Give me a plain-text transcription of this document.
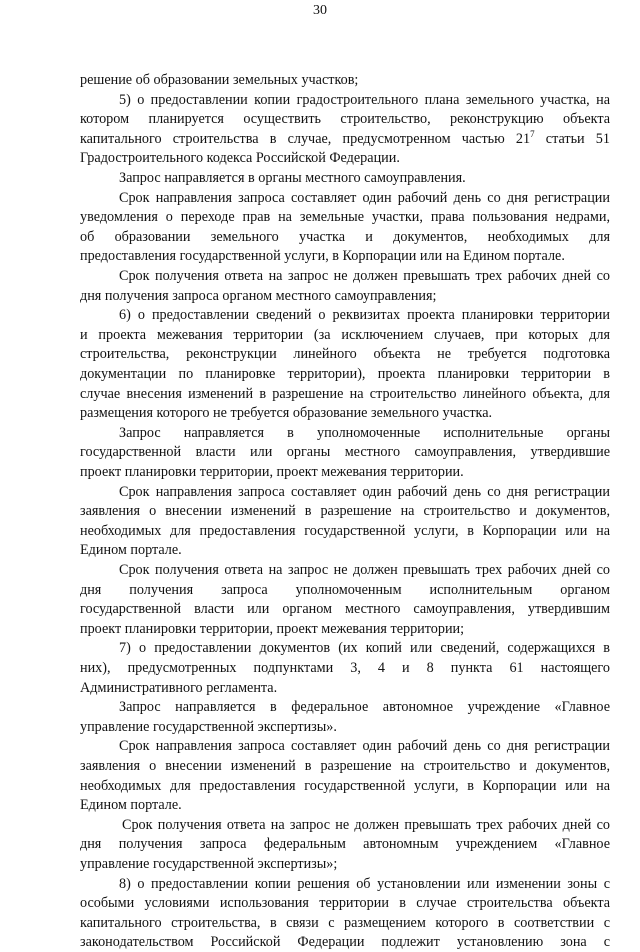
30
решение об образовании земельных участков;
5) о предоставлении копии градостроительного плана земельного участка, на
котором планируется осуществить строительство, реконструкцию объекта
капитального строительства в случае, предусмотренном частью $21^7$ статьи 51
Градостроительного кодекса Российской Федерации.
Запрос направляется в органы местного самоуправления.
Срок направления запроса составляет один рабочий день со дня регистрации
уведомления о переходе прав на земельные участки, права пользования недрами,
об образовании земельного участка и документов, необходимых для
предоставления государственной услуги, в Корпорации или на Едином портале.
Срок получения ответа на запрос не должен превышать трех рабочих дней со
дня получения запроса органом местного самоуправления;
6) о предоставлении сведений о реквизитах проекта планировки территории
и проекта межевания территории (за исключением случаев, при которых для
строительства, реконструкции линейного объекта не требуется подготовка
документации по планировке территории), проекта планировки территории в
случае внесения изменений в разрешение на строительство линейного объекта, для
размещения которого не требуется образование земельного участка.
Запрос направляется в уполномоченные исполнительные органы
государственной власти или органы местного самоуправления, утвердившие
проект планировки территории, проект межевания территории.
Срок направления запроса составляет один рабочий день со дня регистрации
заявления о внесении изменений в разрешение на строительство и документов,
необходимых для предоставления государственной услуги, в Корпорации или на
Едином портале.
Срок получения ответа на запрос не должен превышать трех рабочих дней со
дня получения запроса уполномоченным исполнительным органом
государственной власти или органом местного самоуправления, утвердившим
проект планировки территории, проект межевания территории;
7) о предоставлении документов (их копий или сведений, содержащихся в
них), предусмотренных подпунктами 3, 4 и 8 пункта 61 настоящего
Административного регламента.
Запрос направляется в федеральное автономное учреждение «Главное
управление государственной экспертизы».
Срок направления запроса составляет один рабочий день со дня регистрации
заявления о внесении изменений в разрешение на строительство и документов,
необходимых для предоставления государственной услуги, в Корпорации или на
Едином портале.
Срок получения ответа на запрос не должен превышать трех рабочих дней со
дня получения запроса федеральным автономным учреждением «Главное
управление государственной экспертизы»;
8) о предоставлении копии решения об установлении или изменении зоны с
особыми условиями использования территории в случае строительства объекта
капитального строительства, в связи с размещением которого в соответствии с
законодательством Российской Федерации подлежит установлению зона с
